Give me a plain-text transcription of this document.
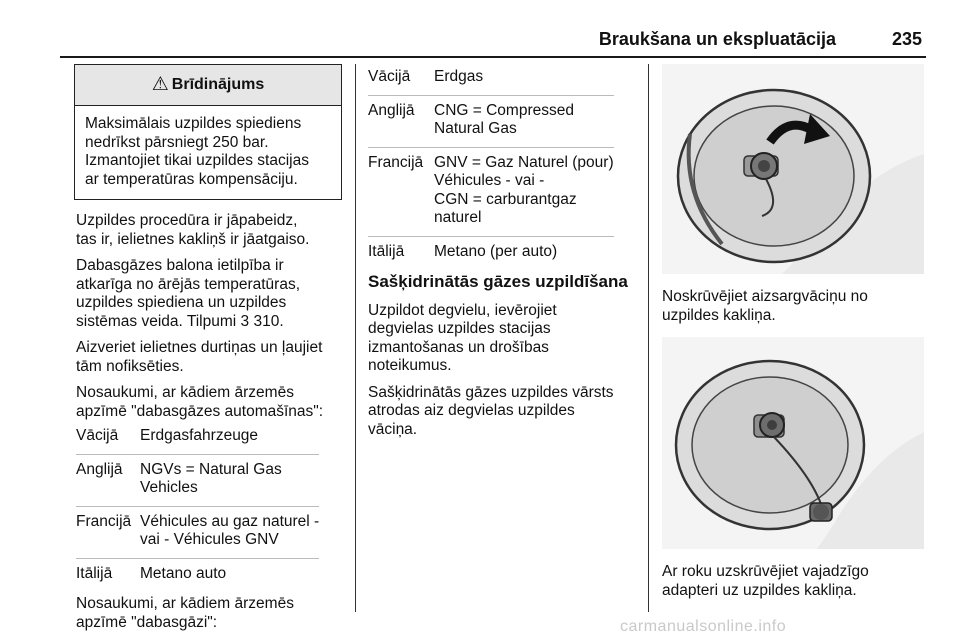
Braukšana un ekspluatācija	235
⚠ Brīdinājums
Maksimālais uzpildes spiediens
nedrīkst pārsniegt 250 bar.
Izmantojiet tikai uzpildes stacijas
ar temperatūras kompensāciju.

Uzpildes procedūra ir jāpabeidz,
tas ir, ielietnes kakliņš ir jāatgaiso.

Dabasgāzes balona ietilpība ir
atkarīga no ārējās temperatūras,
uzpildes spiediena un uzpildes
sistēmas veida. Tilpumi 3 310.

Aizveriet ielietnes durtiņas un ļaujiet
tām nofiksēties.

Nosaukumi, ar kādiem ārzemēs
apzīmē "dabasgāzes automašīnas":

Vācijā	Erdgasfahrzeuge
Anglijā	NGVs = Natural Gas
Vehicles
Francijā	Véhicules au gaz naturel -
vai - Véhicules GNV
Itālijā	Metano auto

Nosaukumi, ar kādiem ārzemēs
apzīmē "dabasgāzi":

Vācijā	Erdgas
Anglijā	CNG = Compressed
Natural Gas
Francijā	GNV = Gaz Naturel (pour)
Véhicules - vai -
CGN = carburantgaz
naturel
Itālijā	Metano (per auto)
Sašķidrinātās gāzes uzpildīšana

Uzpildot degvielu, ievērojiet
degvielas uzpildes stacijas
izmantošanas un drošības
noteikumus.

Sašķidrinātās gāzes uzpildes vārsts
atrodas aiz degvielas uzpildes
vāciņa.

Noskrūvējiet aizsargvāciņu no
uzpildes kakliņa.

Ar roku uzskrūvējiet vajadzīgo
adapteri uz uzpildes kakliņa.

carmanualsonline.info
